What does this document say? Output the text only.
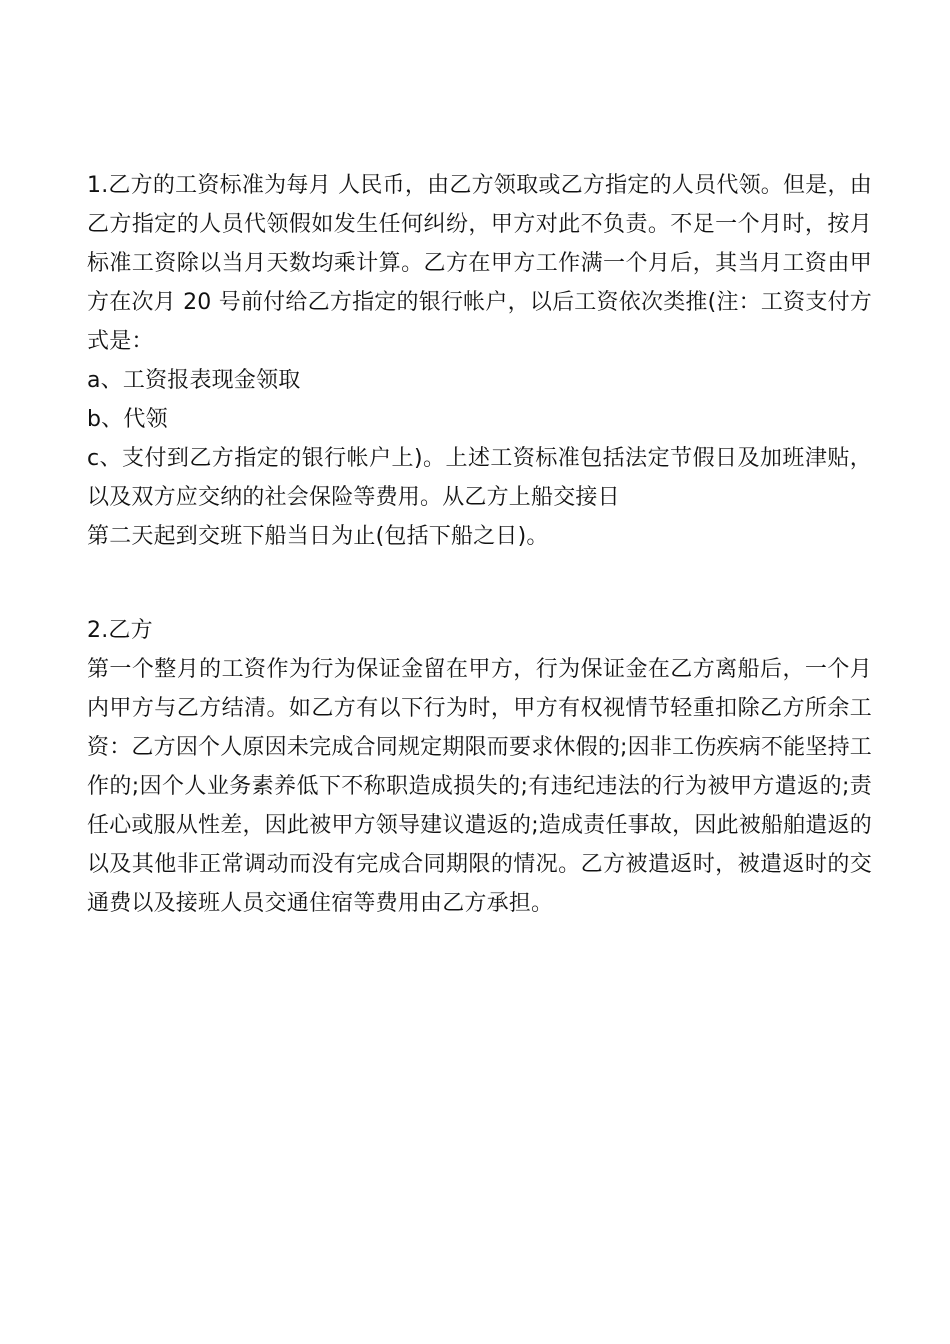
1.乙方的工资标准为每月 人民币，由乙方领取或乙方指定的人员代领。但是，由乙方指定的人员代领假如发生任何纠纷，甲方对此不负责。不足一个月时，按月标准工资除以当月天数均乘计算。乙方在甲方工作满一个月后，其当月工资由甲方在次月 20 号前付给乙方指定的银行帐户，以后工资依次类推(注：工资支付方式是：

a、工资报表现金领取

b、代领

c、支付到乙方指定的银行帐户上)。上述工资标准包括法定节假日及加班津贴，以及双方应交纳的社会保险等费用。从乙方上船交接日

第二天起到交班下船当日为止(包括下船之日)。

2.乙方

第一个整月的工资作为行为保证金留在甲方，行为保证金在乙方离船后，一个月内甲方与乙方结清。如乙方有以下行为时，甲方有权视情节轻重扣除乙方所余工资：乙方因个人原因未完成合同规定期限而要求休假的;因非工伤疾病不能坚持工作的;因个人业务素养低下不称职造成损失的;有违纪违法的行为被甲方遣返的;责任心或服从性差，因此被甲方领导建议遣返的;造成责任事故，因此被船舶遣返的以及其他非正常调动而没有完成合同期限的情况。乙方被遣返时，被遣返时的交通费以及接班人员交通住宿等费用由乙方承担。
